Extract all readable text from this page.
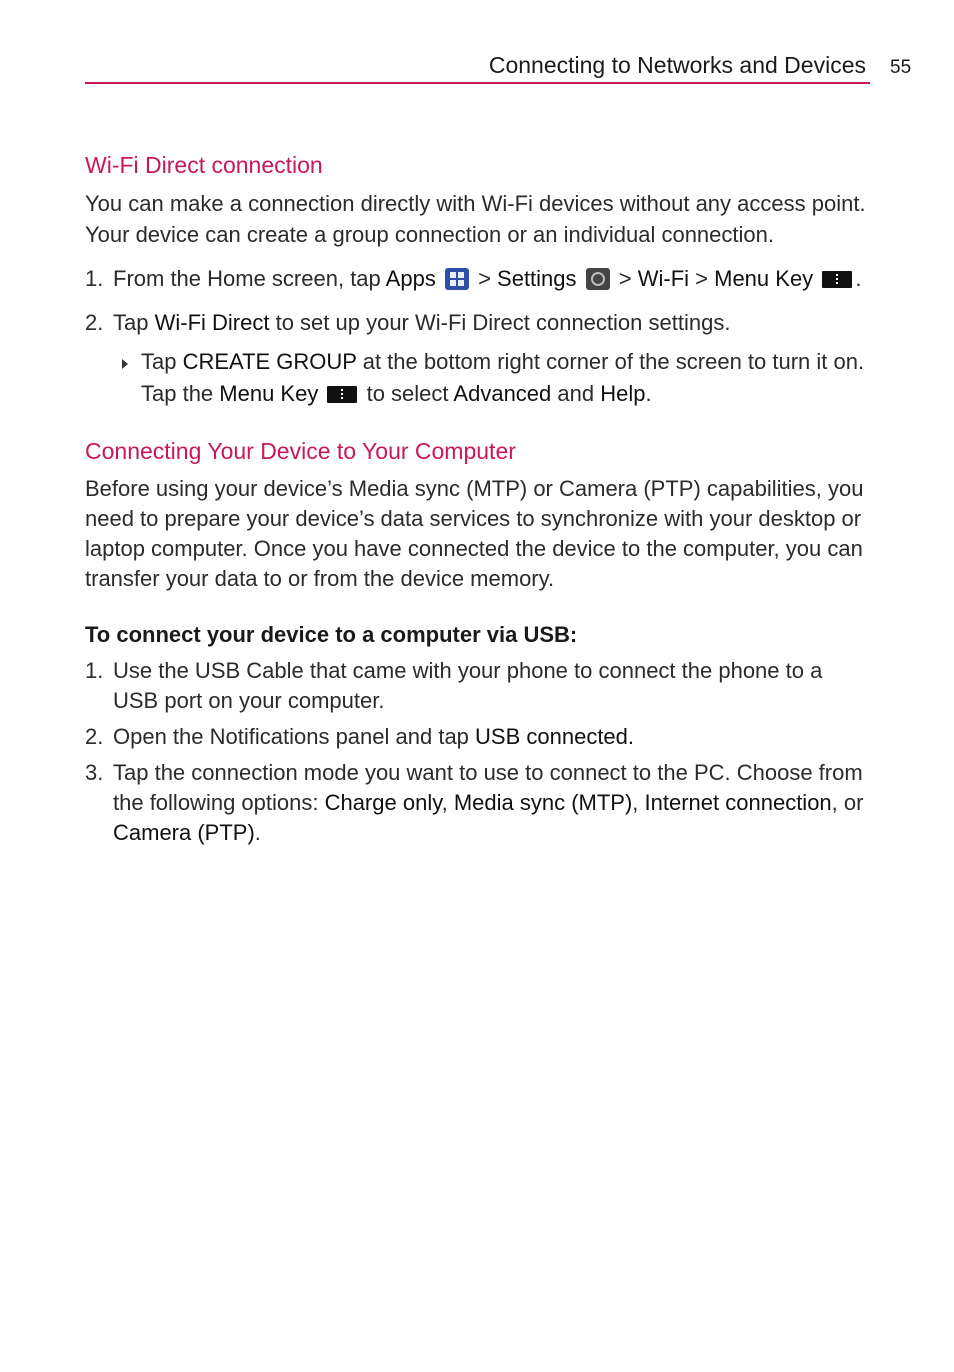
Connecting to Networks and Devices 55
Wi-Fi Direct connection

You can make a connection directly with Wi-Fi devices without any access point. Your device can create a group connection or an individual connection.

1. From the Home screen, tap Apps  > Settings  > Wi-Fi > Menu Key .
2. Tap Wi-Fi Direct to set up your Wi-Fi Direct connection settings.
Tap CREATE GROUP at the bottom right corner of the screen to turn it on. Tap the Menu Key  to select Advanced and Help.
Connecting Your Device to Your Computer

Before using your device’s Media sync (MTP) or Camera (PTP) capabilities, you need to prepare your device’s data services to synchronize with your desktop or laptop computer. Once you have connected the device to the computer, you can transfer your data to or from the device memory.

To connect your device to a computer via USB:
1. Use the USB Cable that came with your phone to connect the phone to a USB port on your computer.
2. Open the Notifications panel and tap USB connected.
3. Tap the connection mode you want to use to connect to the PC. Choose from the following options: Charge only, Media sync (MTP), Internet connection, or Camera (PTP).
